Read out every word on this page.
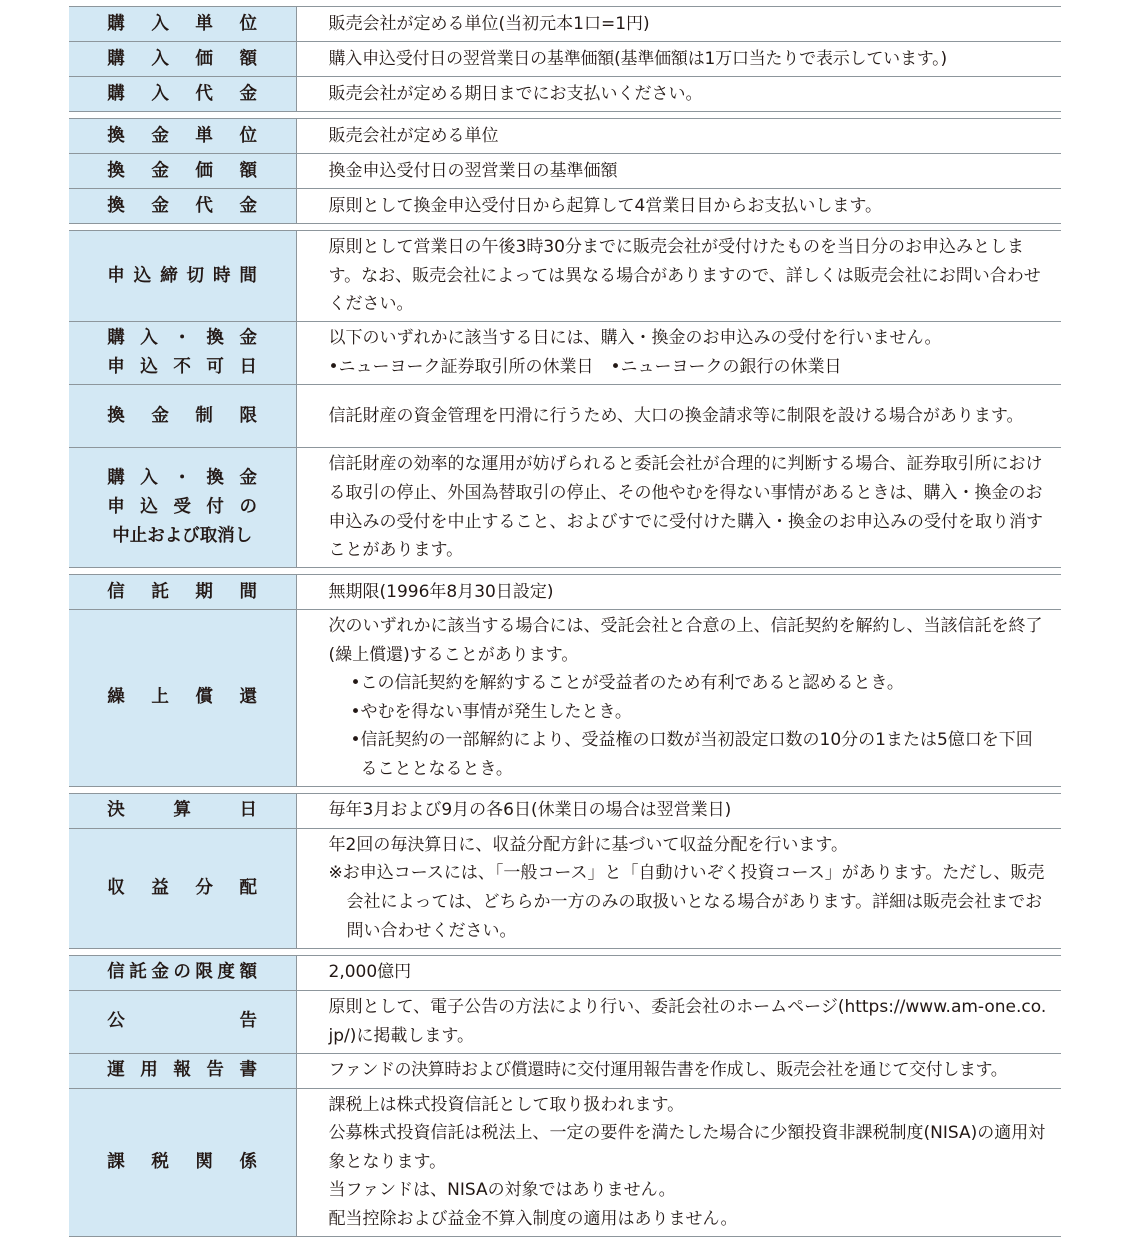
購入単位	販売会社が定める単位(当初元本1口=1円)
購入価額	購入申込受付日の翌営業日の基準価額(基準価額は1万口当たりで表示しています。)
購入代金	販売会社が定める期日までにお支払いください。

換金単位	販売会社が定める単位
換金価額	換金申込受付日の翌営業日の基準価額
換金代金	原則として換金申込受付日から起算して4営業日目からお支払いします。

申込締切時間	原則として営業日の午後3時30分までに販売会社が受付けたものを当日分のお申込みとします。なお、販売会社によっては異なる場合がありますので、詳しくは販売会社にお問い合わせください。

購入・換金
申込不可日	以下のいずれかに該当する日には、購入・換金のお申込みの受付を行いません。
•ニューヨーク証券取引所の休業日　•ニューヨークの銀行の休業日

換金制限	信託財産の資金管理を円滑に行うため、大口の換金請求等に制限を設ける場合があります。

購入・換金
申込受付の
中止および取消し	信託財産の効率的な運用が妨げられると委託会社が合理的に判断する場合、証券取引所における取引の停止、外国為替取引の停止、その他やむを得ない事情があるときは、購入・換金のお申込みの受付を中止すること、およびすでに受付けた購入・換金のお申込みの受付を取り消すことがあります。

信託期間	無期限(1996年8月30日設定)
繰上償還	次のいずれかに該当する場合には、受託会社と合意の上、信託契約を解約し、当該信託を終了(繰上償還)することがあります。
•この信託契約を解約することが受益者のため有利であると認めるとき。
•やむを得ない事情が発生したとき。
•信託契約の一部解約により、受益権の口数が当初設定口数の10分の1または5億口を下回ることとなるとき。

決算日	毎年3月および9月の各6日(休業日の場合は翌営業日)
収益分配	年2回の毎決算日に、収益分配方針に基づいて収益分配を行います。
※お申込コースには、「一般コース」と「自動けいぞく投資コース」があります。ただし、販売会社によっては、どちらか一方のみの取扱いとなる場合があります。詳細は販売会社までお問い合わせください。

信託金の限度額	2,000億円
公告	原則として、電子公告の方法により行い、委託会社のホームページ(https://www.am-one.co.jp/)に掲載します。
運用報告書	ファンドの決算時および償還時に交付運用報告書を作成し、販売会社を通じて交付します。
課税関係	課税上は株式投資信託として取り扱われます。
公募株式投資信託は税法上、一定の要件を満たした場合に少額投資非課税制度(NISA)の適用対象となります。
当ファンドは、NISAの対象ではありません。
配当控除および益金不算入制度の適用はありません。
